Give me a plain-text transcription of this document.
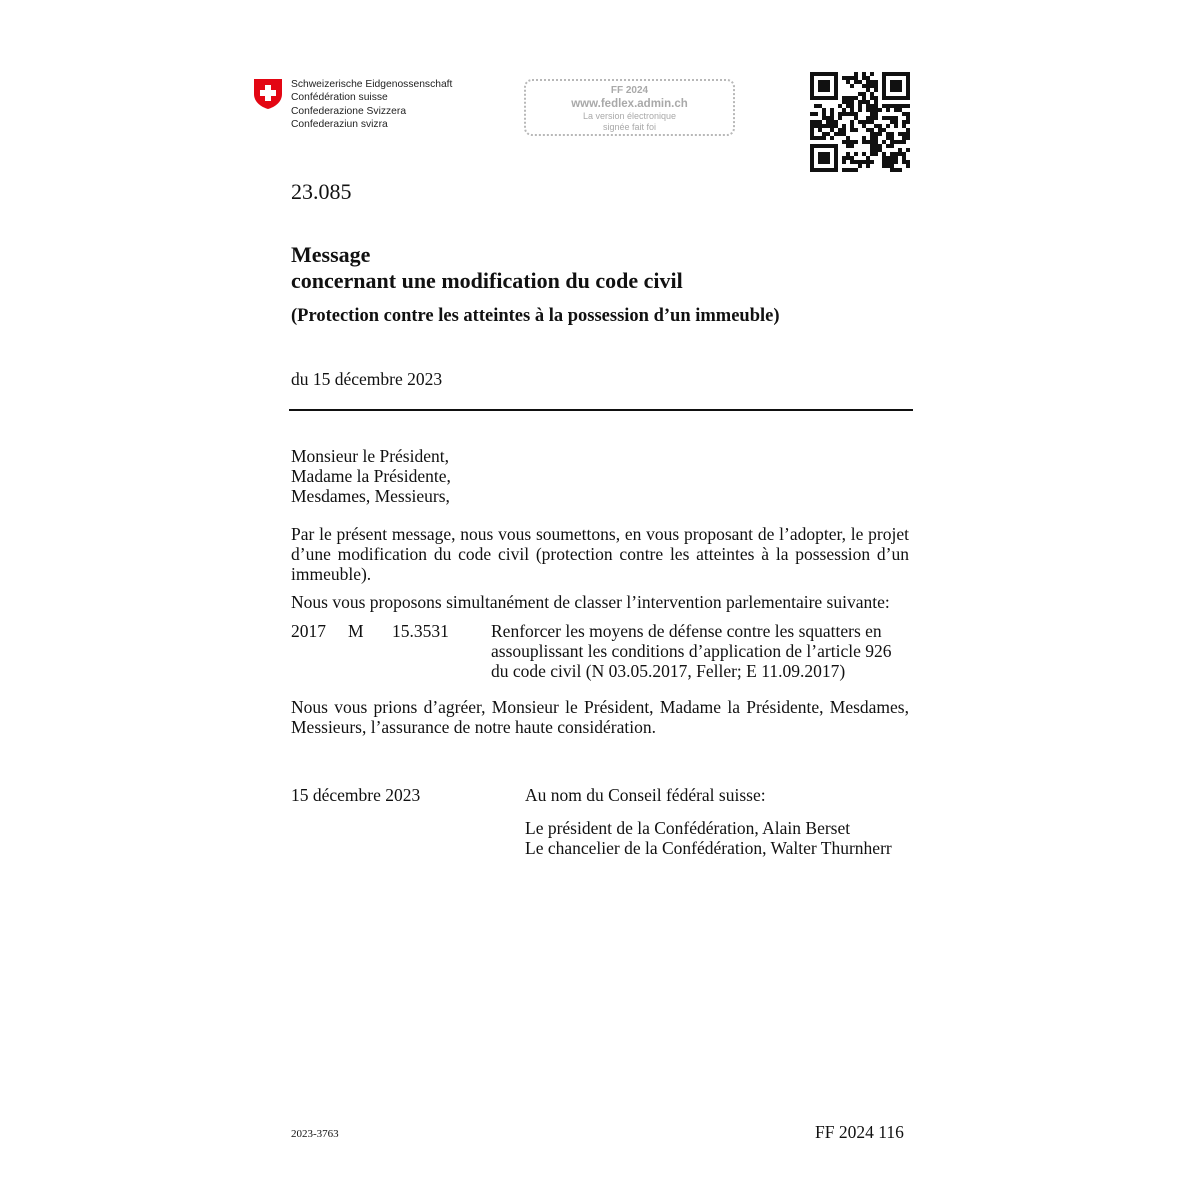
Schweizerische Eidgenossenschaft
Confédération suisse
Confederazione Svizzera
Confederaziun svizra
FF 2024
www.fedlex.admin.ch
La version électronique
signée fait foi
23.085
Message
concernant une modification du code civil
(Protection contre les atteintes à la possession d’un immeuble)
du 15 décembre 2023
Monsieur le Président,
Madame la Présidente,
Mesdames, Messieurs,
Par le présent message, nous vous soumettons, en vous proposant de l’adopter, le projet d’une modification du code civil (protection contre les atteintes à la possession d’un immeuble).
Nous vous proposons simultanément de classer l’intervention parlementaire suivante:
2017 M 15.3531 Renforcer les moyens de défense contre les squatters en
assouplissant les conditions d’application de l’article 926
du code civil (N 03.05.2017, Feller; E 11.09.2017)
Nous vous prions d’agréer, Monsieur le Président, Madame la Présidente, Mesdames, Messieurs, l’assurance de notre haute considération.
15 décembre 2023	Au nom du Conseil fédéral suisse:
Le président de la Confédération, Alain Berset
Le chancelier de la Confédération, Walter Thurnherr
2023-3763	FF 2024 116
